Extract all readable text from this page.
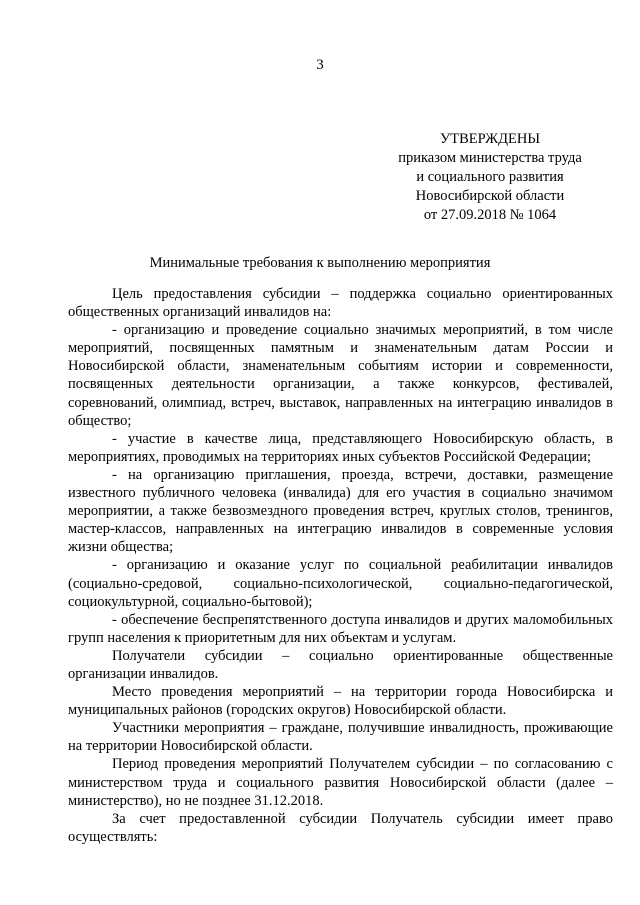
3
УТВЕРЖДЕНЫ
приказом министерства труда
и социального развития
Новосибирской области
от 27.09.2018 № 1064
Минимальные требования к выполнению мероприятия

Цель предоставления субсидии – поддержка социально ориентированных общественных организаций инвалидов на:

- организацию и проведение социально значимых мероприятий, в том числе мероприятий, посвященных памятным и знаменательным датам России и Новосибирской области, знаменательным событиям истории и современности, посвященных деятельности организации, а также конкурсов, фестивалей, соревнований, олимпиад, встреч, выставок, направленных на интеграцию инвалидов в общество;

- участие в качестве лица, представляющего Новосибирскую область, в мероприятиях, проводимых на территориях иных субъектов Российской Федерации;

- на организацию приглашения, проезда, встречи, доставки, размещение известного публичного человека (инвалида) для его участия в социально значимом мероприятии, а также безвозмездного проведения встреч, круглых столов, тренингов, мастер-классов, направленных на интеграцию инвалидов в современные условия жизни общества;

- организацию и оказание услуг по социальной реабилитации инвалидов (социально-средовой, социально-психологической, социально-педагогической, социокультурной, социально-бытовой);

- обеспечение беспрепятственного доступа инвалидов и других маломобильных групп населения к приоритетным для них объектам и услугам.

Получатели субсидии – социально ориентированные общественные организации инвалидов.

Место проведения мероприятий – на территории города Новосибирска и муниципальных районов (городских округов) Новосибирской области.

Участники мероприятия – граждане, получившие инвалидность, проживающие на территории Новосибирской области.

Период проведения мероприятий Получателем субсидии – по согласованию с министерством труда и социального развития Новосибирской области (далее – министерство), но не позднее 31.12.2018.

За счет предоставленной субсидии Получатель субсидии имеет право осуществлять:
